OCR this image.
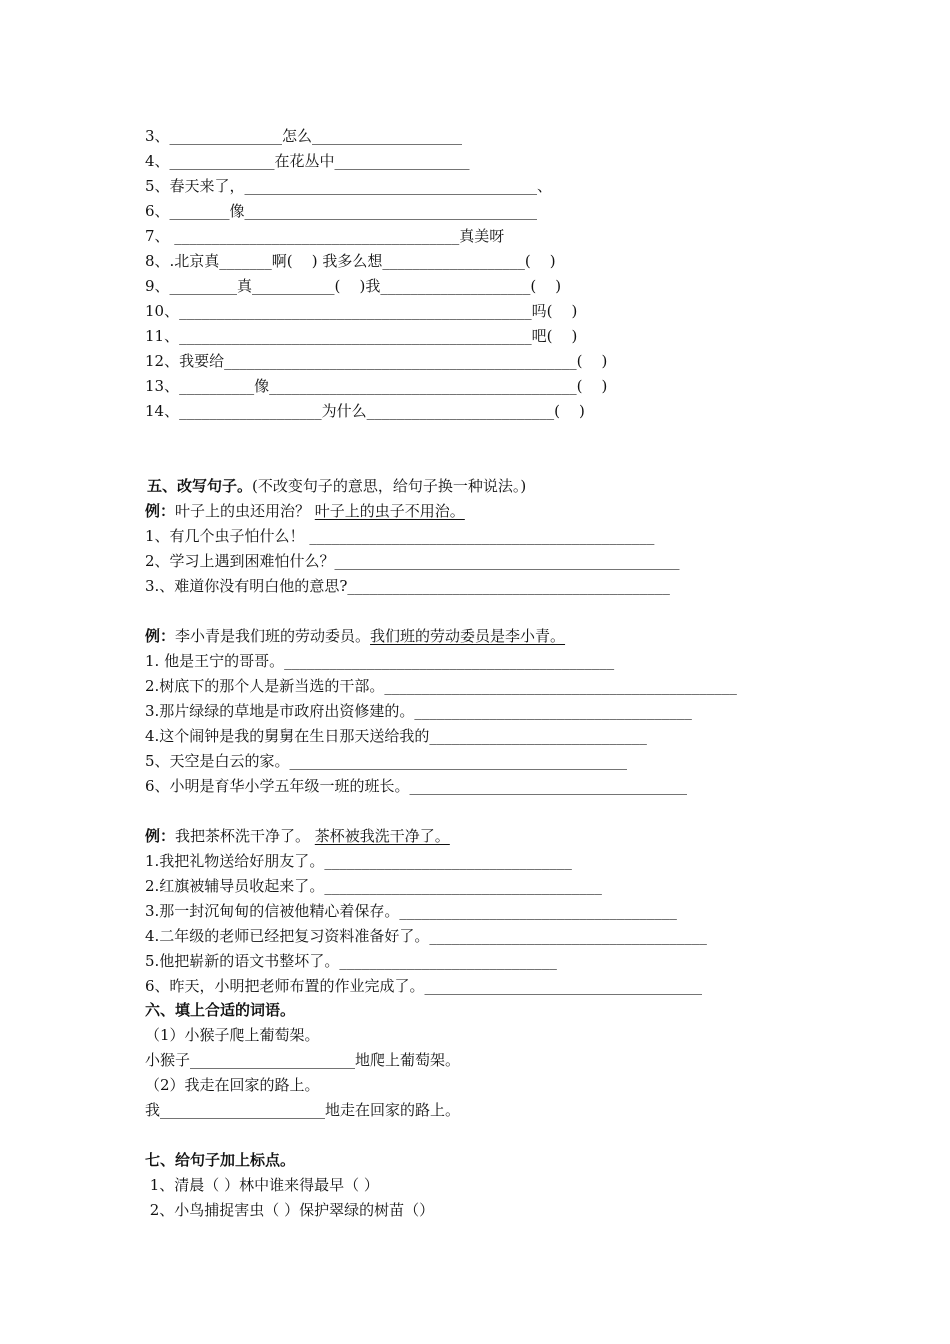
3、_______________怎么____________________
4、______________在花丛中__________________
5、春天来了，_______________________________________、
6、________像_______________________________________
7、 ______________________________________真美呀
8、.北京真_______啊(    ) 我多么想___________________(    )
9、_________真___________(    )我____________________(    )
10、_______________________________________________吗(    )
11、_______________________________________________吧(    )
12、我要给_______________________________________________(    )
13、__________像_________________________________________(    )
14、___________________为什么_________________________(    )
五、改写句子。(不改变句子的意思，给句子换一种说法。)
例：叶子上的虫还用治？ 叶子上的虫子不用治。
1、有几个虫子怕什么！ ______________________________________________
2、学习上遇到困难怕什么？______________________________________________
3.、难道你没有明白他的意思?___________________________________________
例：李小青是我们班的劳动委员。我们班的劳动委员是李小青。
1. 他是王宁的哥哥。____________________________________________
2.树底下的那个人是新当选的干部。_______________________________________________
3.那片绿绿的草地是市政府出资修建的。_____________________________________
4.这个闹钟是我的舅舅在生日那天送给我的_____________________________
5、天空是白云的家。_____________________________________________
6、小明是育华小学五年级一班的班长。_____________________________________
例：我把茶杯洗干净了。 茶杯被我洗干净了。
1.我把礼物送给好朋友了。_________________________________
2.红旗被辅导员收起来了。_____________________________________
3.那一封沉甸甸的信被他精心着保存。_____________________________________
4.二年级的老师已经把复习资料准备好了。_____________________________________
5.他把崭新的语文书整坏了。_____________________________
6、昨天，小明把老师布置的作业完成了。_____________________________________
六、填上合适的词语。
（1）小猴子爬上葡萄架。
小猴子______________________地爬上葡萄架。
（2）我走在回家的路上。
我______________________地走在回家的路上。
七、给句子加上标点。
1、清晨（ ）林中谁来得最早（ ）
2、小鸟捕捉害虫（ ）保护翠绿的树苗（）
